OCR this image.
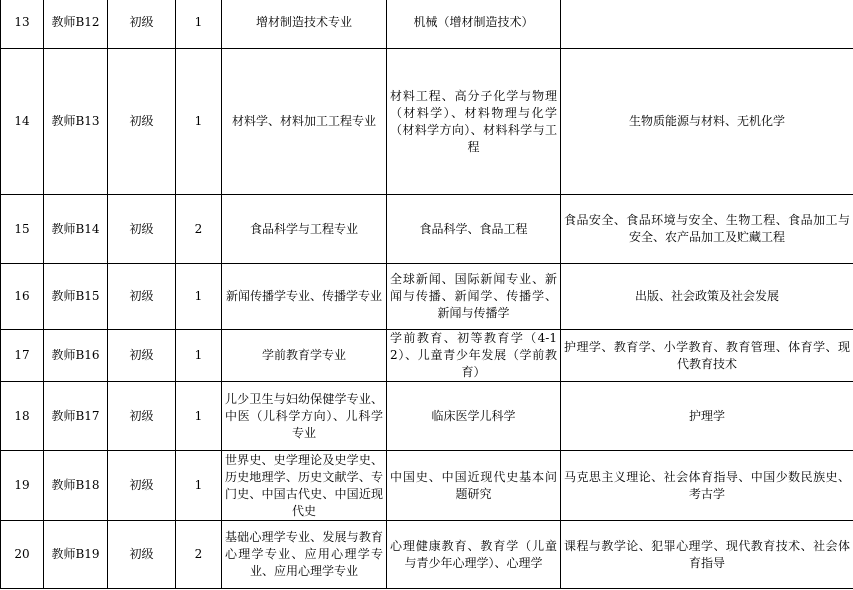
13	教师B12	初级	1	增材制造技术专业	机械（增材制造技术）	
14	教师B13	初级	1	材料学、材料加工工程专业	材料工程、高分子化学与物理（材料学）、材料物理与化学（材料学方向）、材料科学与工程	生物质能源与材料、无机化学
15	教师B14	初级	2	食品科学与工程专业	食品科学、食品工程	食品安全、食品环境与安全、生物工程、食品加工与安全、农产品加工及贮藏工程
16	教师B15	初级	1	新闻传播学专业、传播学专业	全球新闻、国际新闻专业、新闻与传播、新闻学、传播学、新闻与传播学	出版、社会政策及社会发展
17	教师B16	初级	1	学前教育学专业	学前教育、初等教育学（4-12）、儿童青少年发展（学前教育）	护理学、教育学、小学教育、教育管理、体育学、现代教育技术
18	教师B17	初级	1	儿少卫生与妇幼保健学专业、中医（儿科学方向）、儿科学专业	临床医学儿科学	护理学
19	教师B18	初级	1	世界史、史学理论及史学史、历史地理学、历史文献学、专门史、中国古代史、中国近现代史	中国史、中国近现代史基本问题研究	马克思主义理论、社会体育指导、中国少数民族史、考古学
20	教师B19	初级	2	基础心理学专业、发展与教育心理学专业、应用心理学专业、应用心理学专业	心理健康教育、教育学（儿童与青少年心理学）、心理学	课程与教学论、犯罪心理学、现代教育技术、社会体育指导
